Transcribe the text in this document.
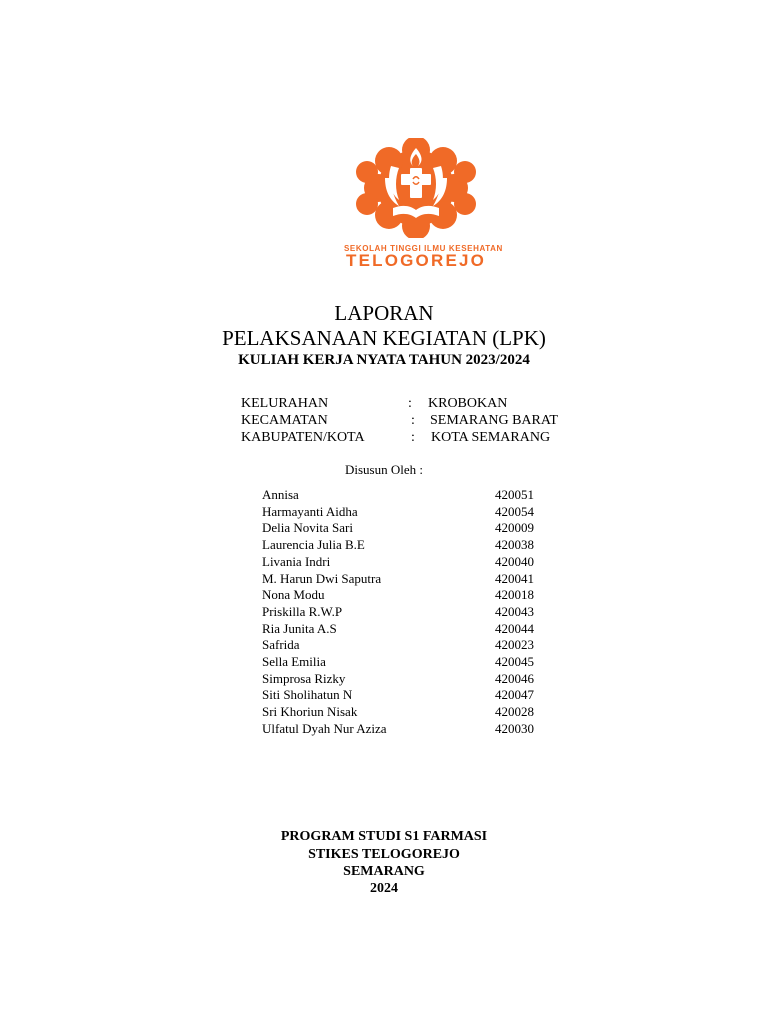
SEKOLAH TINGGI ILMU KESEHATAN
TELOGOREJO
LAPORAN
PELAKSANAAN KEGIATAN (LPK)
KULIAH KERJA NYATA TAHUN 2023/2024
KELURAHAN	: KROBOKAN
KECAMATAN	: SEMARANG BARAT
KABUPATEN/KOTA	: KOTA SEMARANG
Disusun Oleh :
Annisa	420051
Harmayanti Aidha	420054
Delia Novita Sari	420009
Laurencia Julia B.E	420038
Livania Indri	420040
M. Harun Dwi Saputra	420041
Nona Modu	420018
Priskilla R.W.P	420043
Ria Junita A.S	420044
Safrida	420023
Sella Emilia	420045
Simprosa Rizky	420046
Siti Sholihatun N	420047
Sri Khoriun Nisak	420028
Ulfatul Dyah Nur Aziza	420030
PROGRAM STUDI S1 FARMASI
STIKES TELOGOREJO
SEMARANG
2024
